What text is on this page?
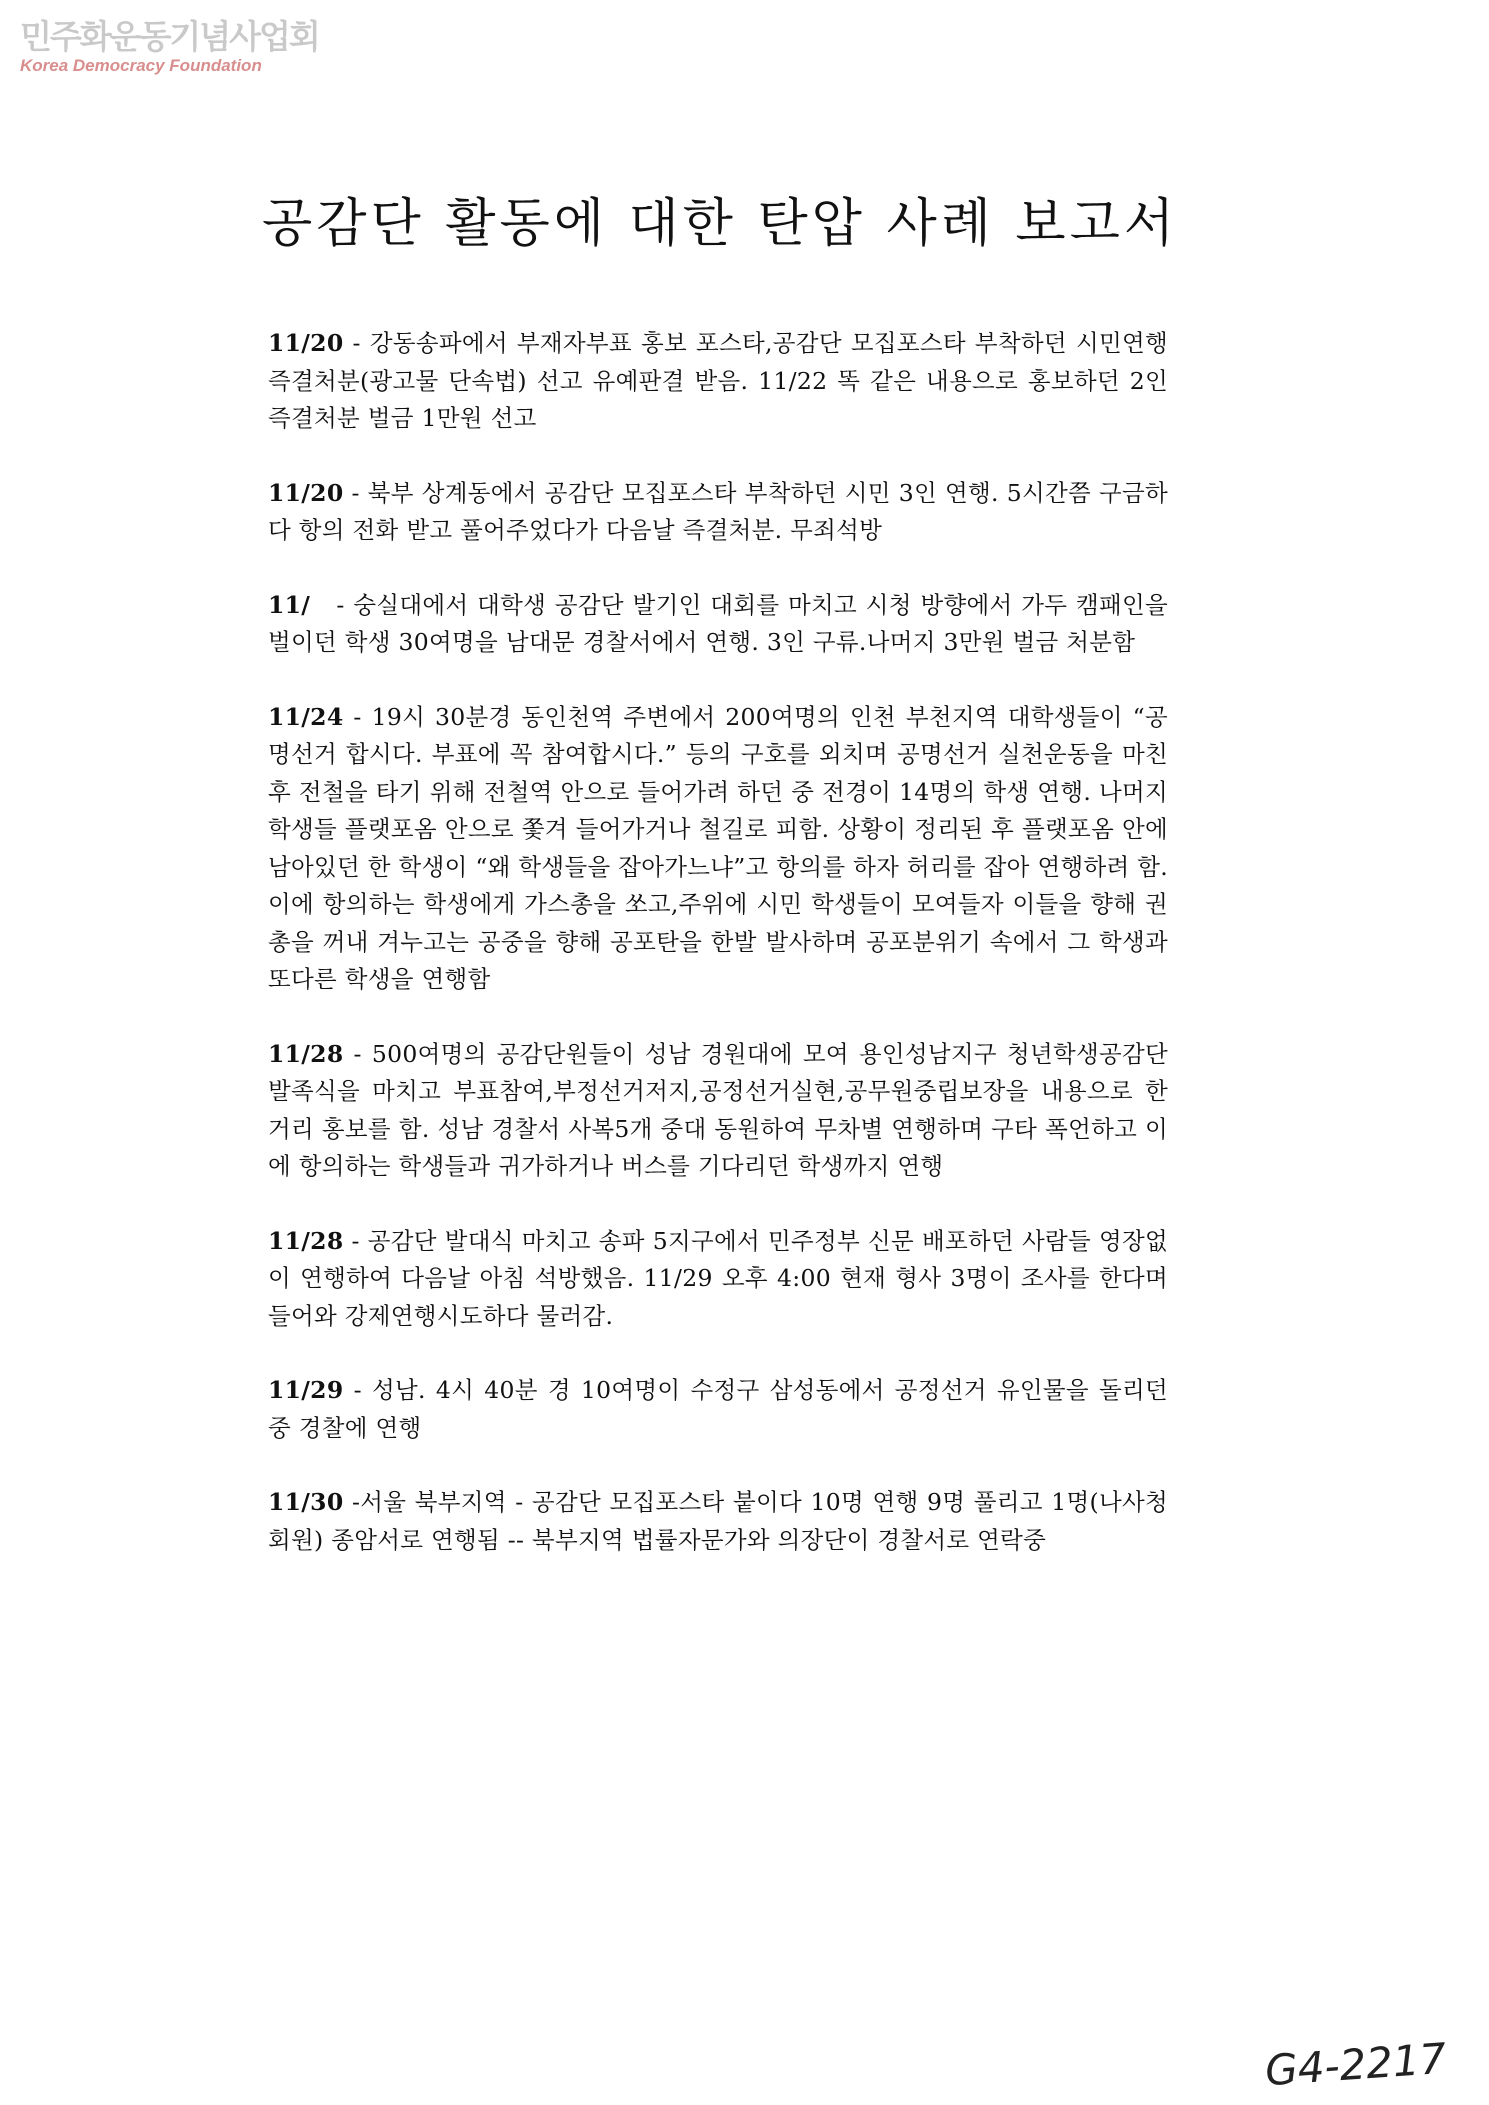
민주화운동기념사업회
Korea Democracy Foundation
공감단 활동에 대한 탄압 사례 보고서

11/20 - 강동송파에서 부재자부표 홍보 포스타,공감단 모집포스타 부착하던 시민연행 즉결처분(광고물 단속법) 선고 유예판결 받음. 11/22 똑 같은 내용으로 홍보하던 2인 즉결처분 벌금 1만원 선고

11/20 - 북부 상계동에서 공감단 모집포스타 부착하던 시민 3인 연행. 5시간쯤 구금하다 항의 전화 받고 풀어주었다가 다음날 즉결처분. 무죄석방

11/   - 숭실대에서 대학생 공감단 발기인 대회를 마치고 시청 방향에서 가두 캠패인을 벌이던 학생 30여명을 남대문 경찰서에서 연행. 3인 구류.나머지 3만원 벌금 처분함

11/24 - 19시 30분경 동인천역 주변에서 200여명의 인천 부천지역 대학생들이 “공명선거 합시다. 부표에 꼭 참여합시다.” 등의 구호를 외치며 공명선거 실천운동을 마친 후 전철을 타기 위해 전철역 안으로 들어가려 하던 중 전경이 14명의 학생 연행. 나머지 학생들 플랫포옴 안으로 쫓겨 들어가거나 철길로 피함. 상황이 정리된 후 플랫포옴 안에 남아있던 한 학생이 “왜 학생들을 잡아가느냐”고 항의를 하자 허리를 잡아 연행하려 함. 이에 항의하는 학생에게 가스총을 쏘고,주위에 시민 학생들이 모여들자 이들을 향해 권총을 꺼내 겨누고는 공중을 향해 공포탄을 한발 발사하며 공포분위기 속에서 그 학생과 또다른 학생을 연행함

11/28 - 500여명의 공감단원들이 성남 경원대에 모여 용인성남지구 청년학생공감단 발족식을 마치고 부표참여,부정선거저지,공정선거실현,공무원중립보장을 내용으로 한 거리 홍보를 함. 성남 경찰서 사복5개 중대 동원하여 무차별 연행하며 구타 폭언하고 이에 항의하는 학생들과 귀가하거나 버스를 기다리던 학생까지 연행

11/28 - 공감단 발대식 마치고 송파 5지구에서 민주정부 신문 배포하던 사람들 영장없이 연행하여 다음날 아침 석방했음. 11/29 오후 4:00 현재 형사 3명이 조사를 한다며 들어와 강제연행시도하다 물러감.

11/29 - 성남. 4시 40분 경 10여명이 수정구 삼성동에서 공정선거 유인물을 돌리던 중 경찰에 연행

11/30 -서울 북부지역 - 공감단 모집포스타 붙이다 10명 연행 9명 풀리고 1명(나사청회원) 종암서로 연행됨 -- 북부지역 법률자문가와 의장단이 경찰서로 연락중

G4-2217
